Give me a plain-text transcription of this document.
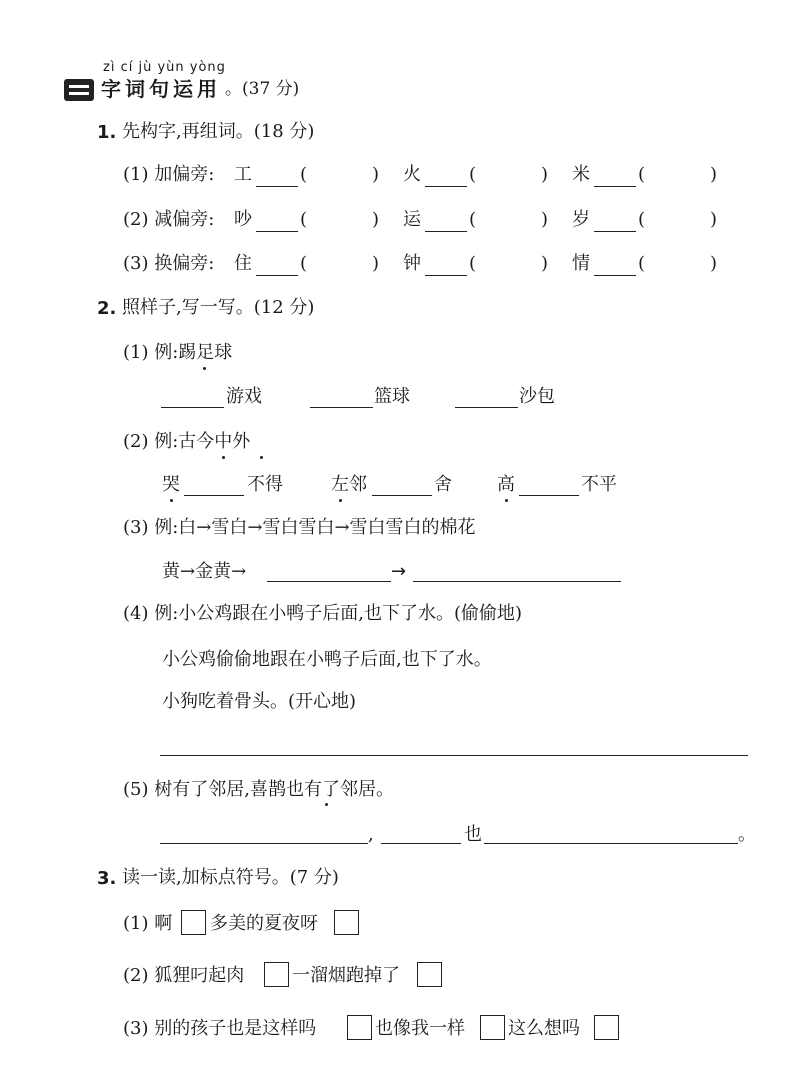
zì cí jù yùn yòng
字词句运用 。(37 分)
1. 先构字,再组词。(18 分)
(1) 加偏旁: 工	(	) 火	(	) 米	(	)
(2) 减偏旁: 吵	(	) 运	(	) 岁	(	)
(3) 换偏旁: 住	(	) 钟	(	) 情	(	)
2. 照样子,写一写。(12 分)
(1) 例:踢足球
游戏	篮球	沙包
(2) 例:古今中外
哭	不得	左邻	舍	高	不平
(3) 例:白→雪白→雪白雪白→雪白雪白的棉花
黄→金黄→	→
(4) 例:小公鸡跟在小鸭子后面,也下了水。(偷偷地)
小公鸡偷偷地跟在小鸭子后面,也下了水。
小狗吃着骨头。(开心地)
(5) 树有了邻居,喜鹊也有了邻居。
,	也	。
3. 读一读,加标点符号。(7 分)
(1) 啊 多美的夏夜呀
(2) 狐狸叼起肉	一溜烟跑掉了
(3) 别的孩子也是这样吗	也像我一样 这么想吗
